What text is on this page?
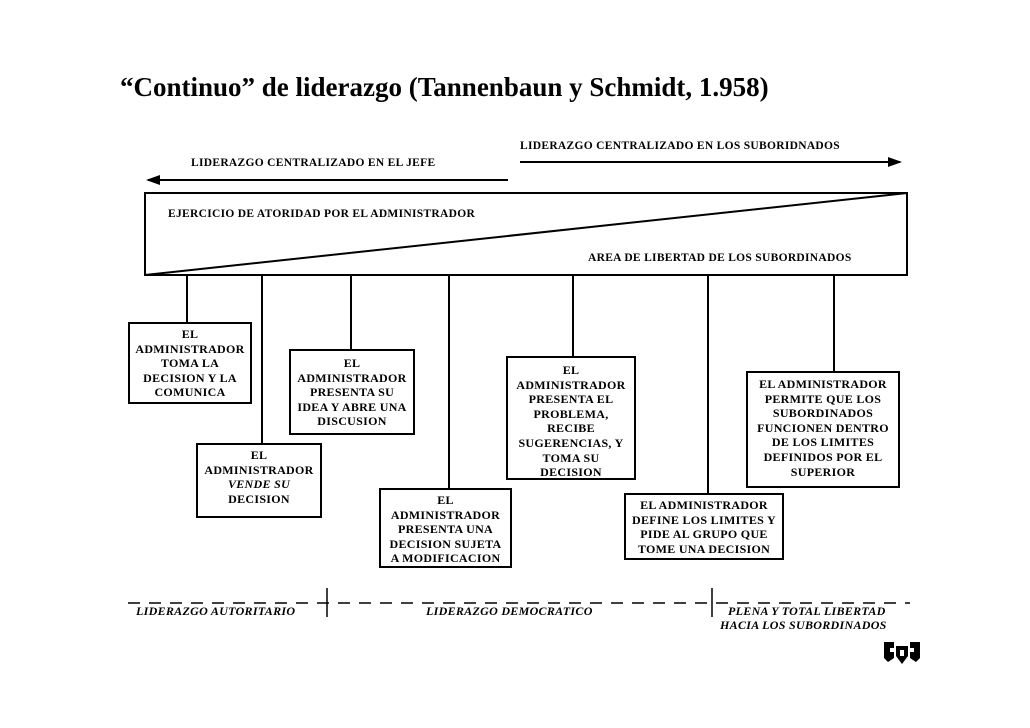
“Continuo” de liderazgo (Tannenbaun y Schmidt, 1.958)
LIDERAZGO CENTRALIZADO EN EL JEFE
LIDERAZGO CENTRALIZADO EN LOS SUBORIDNADOS
EJERCICIO DE ATORIDAD POR EL ADMINISTRADOR
AREA DE LIBERTAD DE LOS SUBORDINADOS
EL
ADMINISTRADOR
TOMA LA
DECISION Y LA
COMUNICA
EL
ADMINISTRADOR
VENDE SU
DECISION
EL
ADMINISTRADOR
PRESENTA SU
IDEA Y ABRE UNA
DISCUSION
EL
ADMINISTRADOR
PRESENTA UNA
DECISION SUJETA
A MODIFICACION
EL
ADMINISTRADOR
PRESENTA EL
PROBLEMA,
RECIBE
SUGERENCIAS, Y
TOMA SU
DECISION
EL ADMINISTRADOR
DEFINE LOS LIMITES Y
PIDE AL GRUPO QUE
TOME UNA DECISION
EL ADMINISTRADOR
PERMITE QUE LOS
SUBORDINADOS
FUNCIONEN DENTRO
DE LOS LIMITES
DEFINIDOS POR EL
SUPERIOR
LIDERAZGO AUTORITARIO	LIDERAZGO DEMOCRATICO	PLENA Y TOTAL LIBERTAD
HACIA LOS SUBORDINADOS
